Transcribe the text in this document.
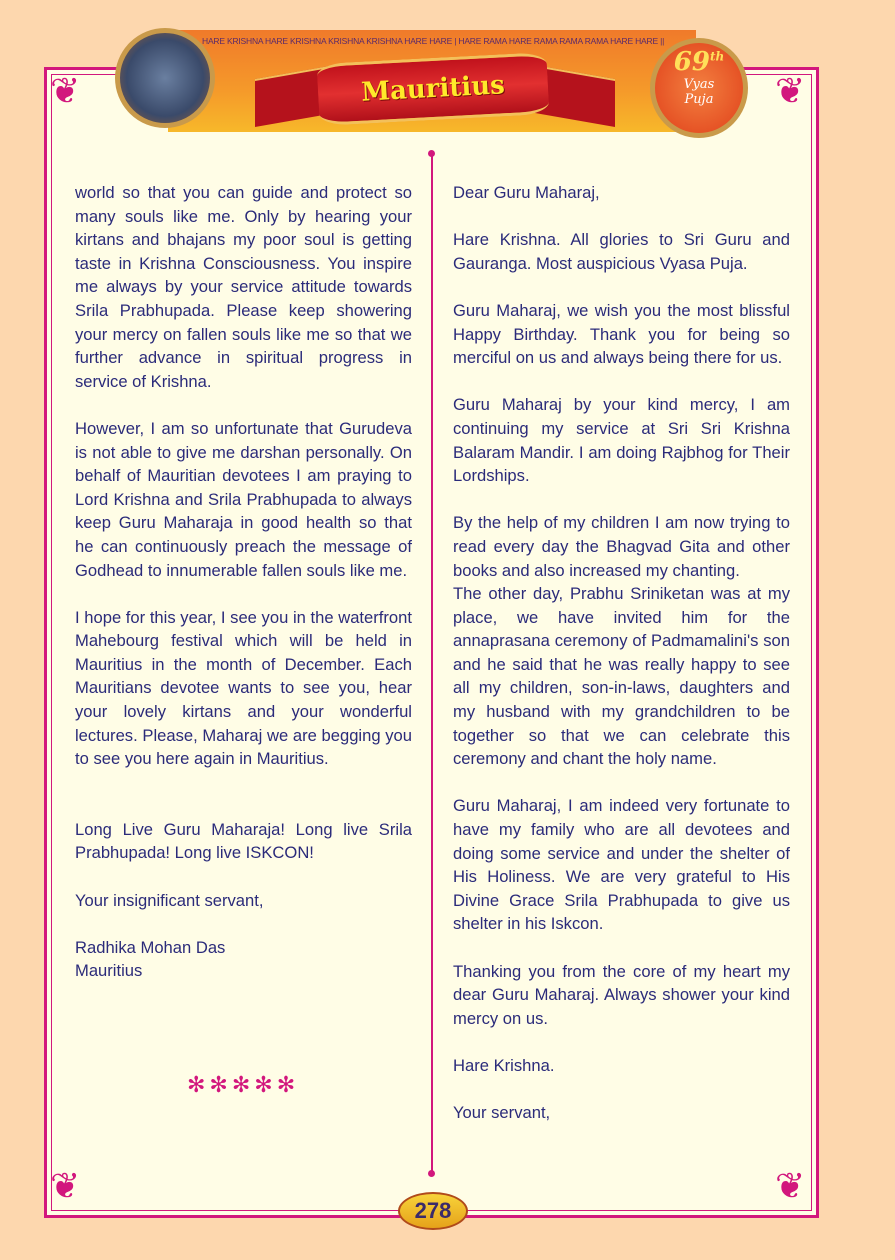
❦
❦
❦
❦
HARE KRISHNA HARE KRISHNA KRISHNA KRISHNA HARE HARE | HARE RAMA HARE RAMA RAMA RAMA HARE HARE ||
Mauritius
69th
Vyas
Puja

world so that you can guide and protect so many souls like me. Only by hearing your kirtans and bhajans my poor soul is getting taste in Krishna Consciousness. You inspire me always by your service attitude towards Srila Prabhupada. Please keep showering your mercy on fallen souls like me so that we further advance in spiritual progress in service of Krishna.

However, I am so unfortunate that Gurudeva is not able to give me darshan personally. On behalf of Mauritian devotees I am praying to Lord Krishna and Srila Prabhupada to always keep Guru Maharaja in good health so that he can continuously preach the message of Godhead to innumerable fallen souls like me.

I hope for this year, I see you in the waterfront Mahebourg festival which will be held in Mauritius in the month of December. Each Mauritians devotee wants to see you, hear your lovely kirtans and your wonderful lectures. Please, Maharaj we are begging you to see you here again in Mauritius.

Long Live Guru Maharaja! Long live Srila Prabhupada! Long live ISKCON!

Your insignificant servant,

Radhika Mohan Das
Mauritius
✻✻✻✻✻

Dear Guru Maharaj,

Hare Krishna. All glories to Sri Guru and Gauranga. Most auspicious Vyasa Puja.

Guru Maharaj, we wish you the most blissful Happy Birthday. Thank you for being so merciful on us and always being there for us.

Guru Maharaj by your kind mercy, I am continuing my service at Sri Sri Krishna Balaram Mandir. I am doing Rajbhog for Their Lordships.

By the help of my children I am now trying to read every day the Bhagvad Gita and other books and also increased my chanting.

The other day, Prabhu Sriniketan was at my place, we have invited him for the annaprasana ceremony of Padmamalini's son and he said that he was really happy to see all my children, son-in-laws, daughters and my husband with my grandchildren to be together so that we can celebrate this ceremony and chant the holy name.

Guru Maharaj, I am indeed very fortunate to have my family who are all devotees and doing some service and under the shelter of His Holiness. We are very grateful to His Divine Grace Srila Prabhupada to give us shelter in his Iskcon.

Thanking you from the core of my heart my dear Guru Maharaj. Always shower your kind mercy on us.

Hare Krishna.

Your servant,

278
